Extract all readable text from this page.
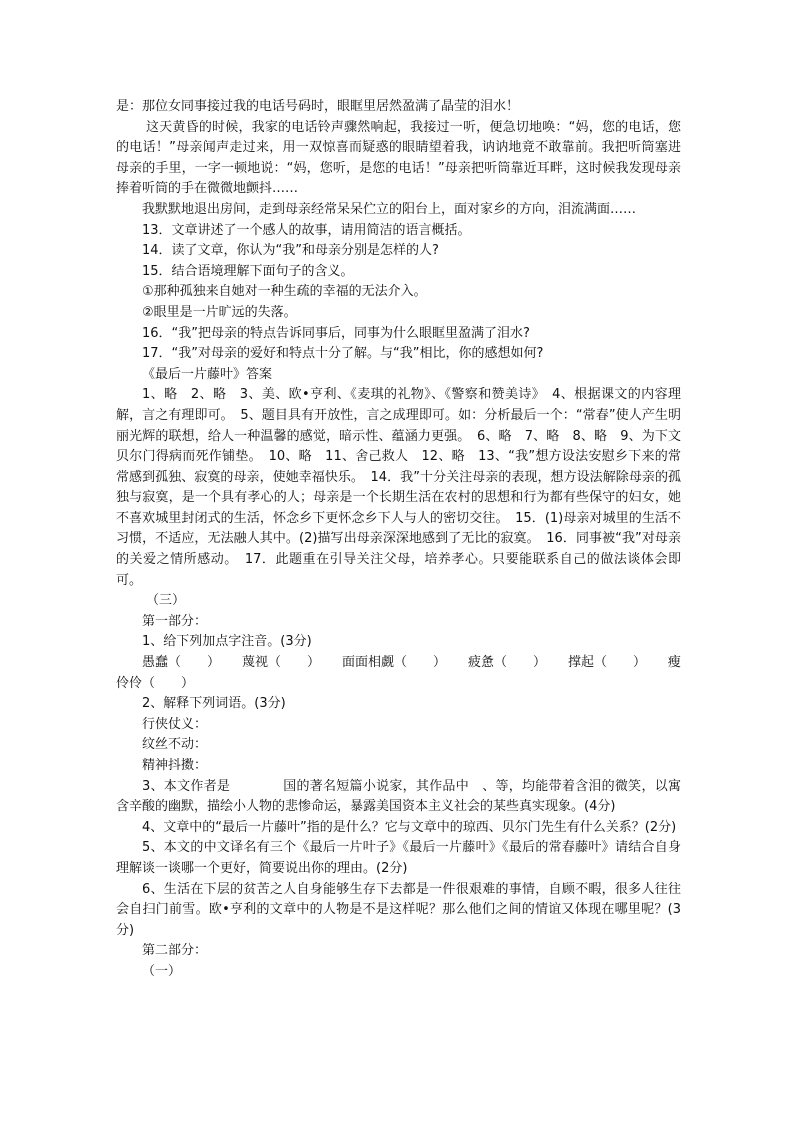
是：那位女同事接过我的电话号码时，眼眶里居然盈满了晶莹的泪水！

这天黄昏的时候，我家的电话铃声骤然响起，我接过一听，便急切地唤：“妈，您的电话，您的电话！”母亲闻声走过来，用一双惊喜而疑惑的眼睛望着我，讷讷地竟不敢靠前。我把听筒塞进母亲的手里，一字一顿地说：“妈，您听，是您的电话！”母亲把听筒靠近耳畔，这时候我发现母亲捧着听筒的手在微微地颤抖……

我默默地退出房间，走到母亲经常呆呆伫立的阳台上，面对家乡的方向，泪流满面……

13．文章讲述了一个感人的故事，请用简洁的语言概括。

14．读了文章，你认为“我”和母亲分别是怎样的人?

15．结合语境理解下面句子的含义。

①那种孤独来自她对一种生疏的幸福的无法介入。

②眼里是一片旷远的失落。

16．“我”把母亲的特点告诉同事后，同事为什么眼眶里盈满了泪水?

17．“我”对母亲的爱好和特点十分了解。与“我”相比，你的感想如何?

《最后一片藤叶》答案

1、略　2、略　3、美、欧•亨利、《麦琪的礼物》、《警察和赞美诗》　4、根据课文的内容理解，言之有理即可。　5、题目具有开放性，言之成理即可。如：分析最后一个：“常春”使人产生明丽光辉的联想，给人一种温馨的感觉，暗示性、蕴涵力更强。　6、略　7、略　8、略　9、为下文贝尔门得病而死作铺垫。　10、略　11、舍己救人　12、略　13、“我”想方设法安慰乡下来的常常感到孤独、寂寞的母亲，使她幸福快乐。　14．我”十分关注母亲的表现，想方设法解除母亲的孤独与寂寞，是一个具有孝心的人；母亲是一个长期生活在农村的思想和行为都有些保守的妇女，她不喜欢城里封闭式的生活，怀念乡下更怀念乡下人与人的密切交往。　15．(1)母亲对城里的生活不习惯，不适应，无法融人其中。(2)描写出母亲深深地感到了无比的寂寞。　16．同事被“我”对母亲的关爱之情所感动。　17．此题重在引导关注父母，培养孝心。只要能联系自己的做法谈体会即可。

（三）

第一部分：

1、给下列加点字注音。(3分)

愚蠢（　　） 蔑视（　　） 面面相觑（　　） 疲惫（　　） 撑起（　　） 瘦

伶伶（　　）

2、解释下列词语。(3分)

行侠仗义：

纹丝不动：

精神抖擞：

3、本文作者是　　　　国的著名短篇小说家，其作品中　、等，均能带着含泪的微笑，以寓含辛酸的幽默，描绘小人物的悲惨命运，暴露美国资本主义社会的某些真实现象。(4分)

4、文章中的“最后一片藤叶”指的是什么？它与文章中的琼西、贝尔门先生有什么关系？(2分)

5、本文的中文译名有三个《最后一片叶子》《最后一片藤叶》《最后的常春藤叶》请结合自身理解谈一谈哪一个更好，简要说出你的理由。(2分)

6、生活在下层的贫苦之人自身能够生存下去都是一件很艰难的事情，自顾不暇，很多人往往会自扫门前雪。欧•亨利的文章中的人物是不是这样呢？那么他们之间的情谊又体现在哪里呢？(3分)

第二部分：

（一）
